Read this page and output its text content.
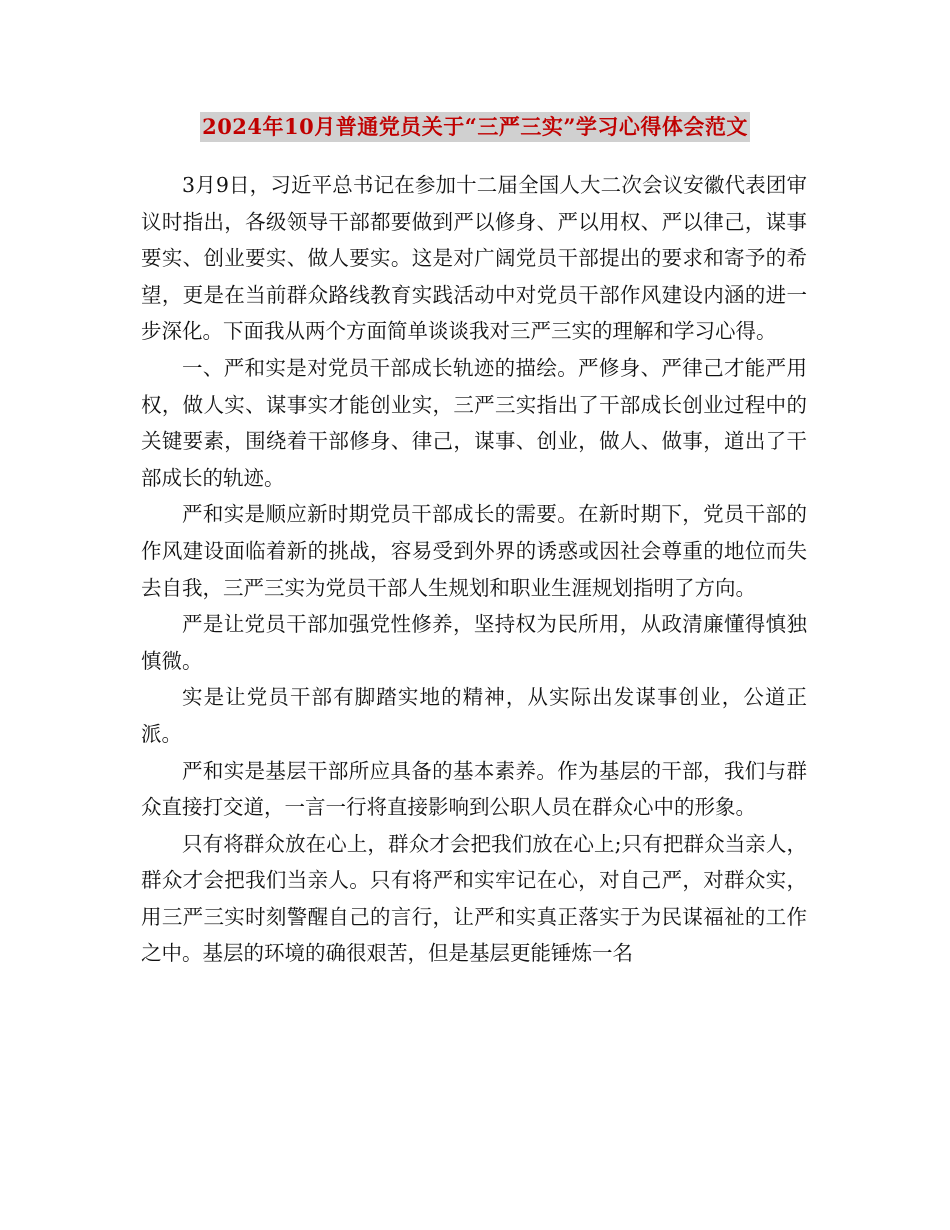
2024年10月普通党员关于“三严三实”学习心得体会范文

3月9日，习近平总书记在参加十二届全国人大二次会议安徽代表团审议时指出，各级领导干部都要做到严以修身、严以用权、严以律己，谋事要实、创业要实、做人要实。这是对广阔党员干部提出的要求和寄予的希望，更是在当前群众路线教育实践活动中对党员干部作风建设内涵的进一步深化。下面我从两个方面简单谈谈我对三严三实的理解和学习心得。

一、严和实是对党员干部成长轨迹的描绘。严修身、严律己才能严用权，做人实、谋事实才能创业实，三严三实指出了干部成长创业过程中的关键要素，围绕着干部修身、律己，谋事、创业，做人、做事，道出了干部成长的轨迹。

严和实是顺应新时期党员干部成长的需要。在新时期下，党员干部的作风建设面临着新的挑战，容易受到外界的诱惑或因社会尊重的地位而失去自我，三严三实为党员干部人生规划和职业生涯规划指明了方向。

严是让党员干部加强党性修养，坚持权为民所用，从政清廉懂得慎独慎微。

实是让党员干部有脚踏实地的精神，从实际出发谋事创业，公道正派。

严和实是基层干部所应具备的基本素养。作为基层的干部，我们与群众直接打交道，一言一行将直接影响到公职人员在群众心中的形象。

只有将群众放在心上，群众才会把我们放在心上;只有把群众当亲人，群众才会把我们当亲人。只有将严和实牢记在心，对自己严，对群众实，用三严三实时刻警醒自己的言行，让严和实真正落实于为民谋福祉的工作之中。基层的环境的确很艰苦，但是基层更能锤炼一名
